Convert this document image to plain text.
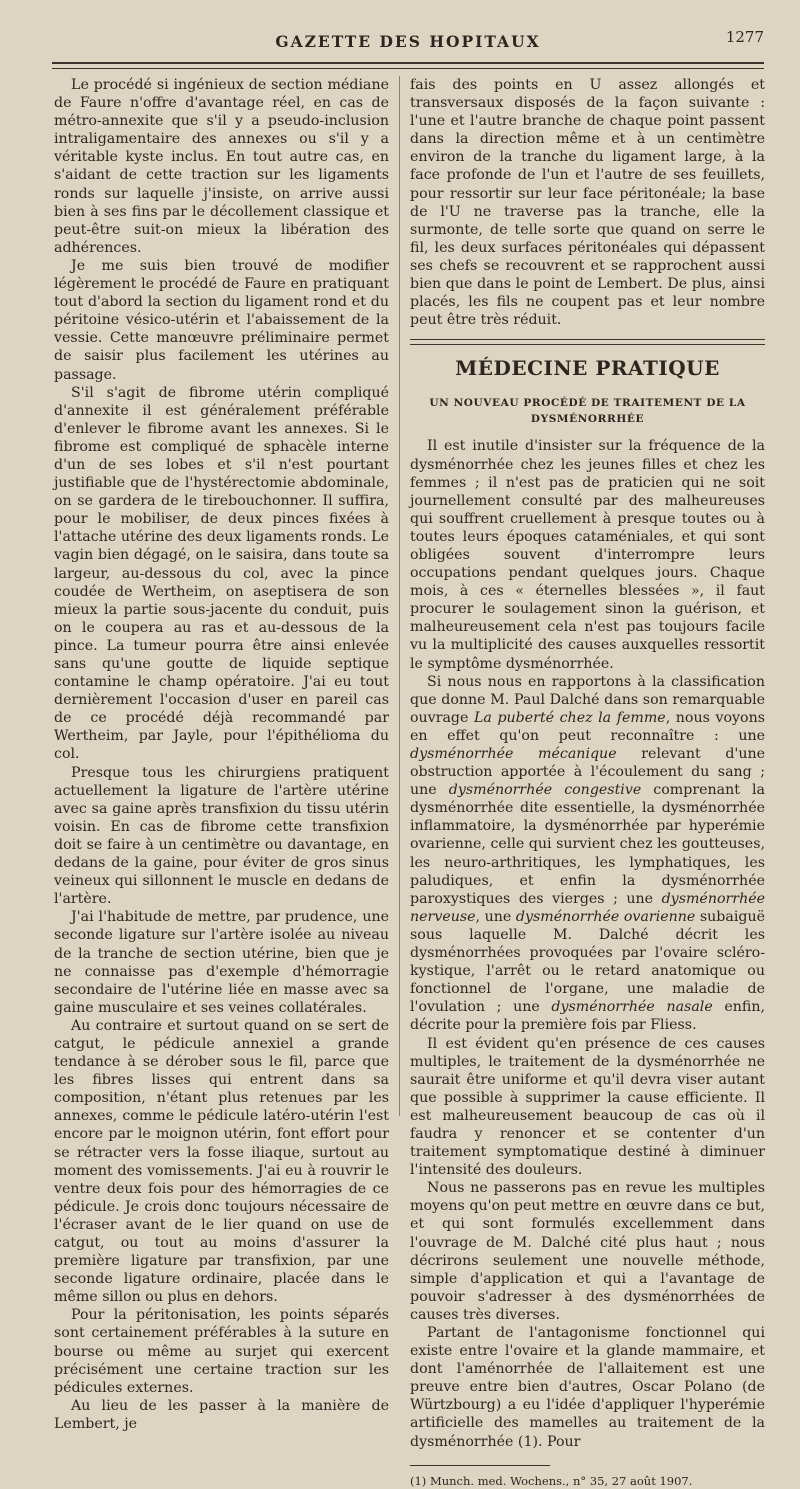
GAZETTE DES HOPITAUX	1277

Le procédé si ingénieux de section médiane de Faure n'offre d'avantage réel, en cas de métro-annexite que s'il y a pseudo-inclusion intraligamentaire des annexes ou s'il y a véritable kyste inclus. En tout autre cas, en s'aidant de cette traction sur les ligaments ronds sur laquelle j'insiste, on arrive aussi bien à ses fins par le décollement classique et peut-être suit-on mieux la libération des adhérences.

Je me suis bien trouvé de modifier légèrement le procédé de Faure en pratiquant tout d'abord la section du ligament rond et du péritoine vésico-utérin et l'abaissement de la vessie. Cette manœuvre préliminaire permet de saisir plus facilement les utérines au passage.

S'il s'agit de fibrome utérin compliqué d'annexite il est généralement préférable d'enlever le fibrome avant les annexes. Si le fibrome est compliqué de sphacèle interne d'un de ses lobes et s'il n'est pourtant justifiable que de l'hystérectomie abdominale, on se gardera de le tirebouchonner. Il suffira, pour le mobiliser, de deux pinces fixées à l'attache utérine des deux ligaments ronds. Le vagin bien dégagé, on le saisira, dans toute sa largeur, au-dessous du col, avec la pince coudée de Wertheim, on aseptisera de son mieux la partie sous-jacente du conduit, puis on le coupera au ras et au-dessous de la pince. La tumeur pourra être ainsi enlevée sans qu'une goutte de liquide septique contamine le champ opératoire. J'ai eu tout dernièrement l'occasion d'user en pareil cas de ce procédé déjà recommandé par Wertheim, par Jayle, pour l'épithélioma du col.

Presque tous les chirurgiens pratiquent actuellement la ligature de l'artère utérine avec sa gaine après transfixion du tissu utérin voisin. En cas de fibrome cette transfixion doit se faire à un centimètre ou davantage, en dedans de la gaine, pour éviter de gros sinus veineux qui sillonnent le muscle en dedans de l'artère.

J'ai l'habitude de mettre, par prudence, une seconde ligature sur l'artère isolée au niveau de la tranche de section utérine, bien que je ne connaisse pas d'exemple d'hémorragie secondaire de l'utérine liée en masse avec sa gaine musculaire et ses veines collatérales.

Au contraire et surtout quand on se sert de catgut, le pédicule annexiel a grande tendance à se dérober sous le fil, parce que les fibres lisses qui entrent dans sa composition, n'étant plus retenues par les annexes, comme le pédicule latéro-utérin l'est encore par le moignon utérin, font effort pour se rétracter vers la fosse iliaque, surtout au moment des vomissements. J'ai eu à rouvrir le ventre deux fois pour des hémorragies de ce pédicule. Je crois donc toujours nécessaire de l'écraser avant de le lier quand on use de catgut, ou tout au moins d'assurer la première ligature par transfixion, par une seconde ligature ordinaire, placée dans le même sillon ou plus en dehors.

Pour la péritonisation, les points séparés sont certainement préférables à la suture en bourse ou même au surjet qui exercent précisément une certaine traction sur les pédicules externes.

Au lieu de les passer à la manière de Lembert, je

fais des points en U assez allongés et transversaux disposés de la façon suivante : l'une et l'autre branche de chaque point passent dans la direction même et à un centimètre environ de la tranche du ligament large, à la face profonde de l'un et l'autre de ses feuillets, pour ressortir sur leur face péritonéale; la base de l'U ne traverse pas la tranche, elle la surmonte, de telle sorte que quand on serre le fil, les deux surfaces péritonéales qui dépassent ses chefs se recouvrent et se rapprochent aussi bien que dans le point de Lembert. De plus, ainsi placés, les fils ne coupent pas et leur nombre peut être très réduit.

MÉDECINE PRATIQUE
UN NOUVEAU PROCÉDÉ DE TRAITEMENT DE LA DYSMÉNORRHÉE

Il est inutile d'insister sur la fréquence de la dysménorrhée chez les jeunes filles et chez les femmes ; il n'est pas de praticien qui ne soit journellement consulté par des malheureuses qui souffrent cruellement à presque toutes ou à toutes leurs époques cataméniales, et qui sont obligées souvent d'interrompre leurs occupations pendant quelques jours. Chaque mois, à ces « éternelles blessées », il faut procurer le soulagement sinon la guérison, et malheureusement cela n'est pas toujours facile vu la multiplicité des causes auxquelles ressortit le symptôme dysménorrhée.

Si nous nous en rapportons à la classification que donne M. Paul Dalché dans son remarquable ouvrage La puberté chez la femme, nous voyons en effet qu'on peut reconnaître : une dysménorrhée mécanique relevant d'une obstruction apportée à l'écoulement du sang ; une dysménorrhée congestive comprenant la dysménorrhée dite essentielle, la dysménorrhée inflammatoire, la dysménorrhée par hyperémie ovarienne, celle qui survient chez les goutteuses, les neuro-arthritiques, les lymphatiques, les paludiques, et enfin la dysménorrhée paroxystiques des vierges ; une dysménorrhée nerveuse, une dysménorrhée ovarienne subaiguë sous laquelle M. Dalché décrit les dysménorrhées provoquées par l'ovaire scléro-kystique, l'arrêt ou le retard anatomique ou fonctionnel de l'organe, une maladie de l'ovulation ; une dysménorrhée nasale enfin, décrite pour la première fois par Fliess.

Il est évident qu'en présence de ces causes multiples, le traitement de la dysménorrhée ne saurait être uniforme et qu'il devra viser autant que possible à supprimer la cause efficiente. Il est malheureusement beaucoup de cas où il faudra y renoncer et se contenter d'un traitement symptomatique destiné à diminuer l'intensité des douleurs.

Nous ne passerons pas en revue les multiples moyens qu'on peut mettre en œuvre dans ce but, et qui sont formulés excellemment dans l'ouvrage de M. Dalché cité plus haut ; nous décrirons seulement une nouvelle méthode, simple d'application et qui a l'avantage de pouvoir s'adresser à des dysménorrhées de causes très diverses.

Partant de l'antagonisme fonctionnel qui existe entre l'ovaire et la glande mammaire, et dont l'aménorrhée de l'allaitement est une preuve entre bien d'autres, Oscar Polano (de Würtzbourg) a eu l'idée d'appliquer l'hyperémie artificielle des mamelles au traitement de la dysménorrhée (1). Pour

(1) Munch. med. Wochens., n° 35, 27 août 1907.
